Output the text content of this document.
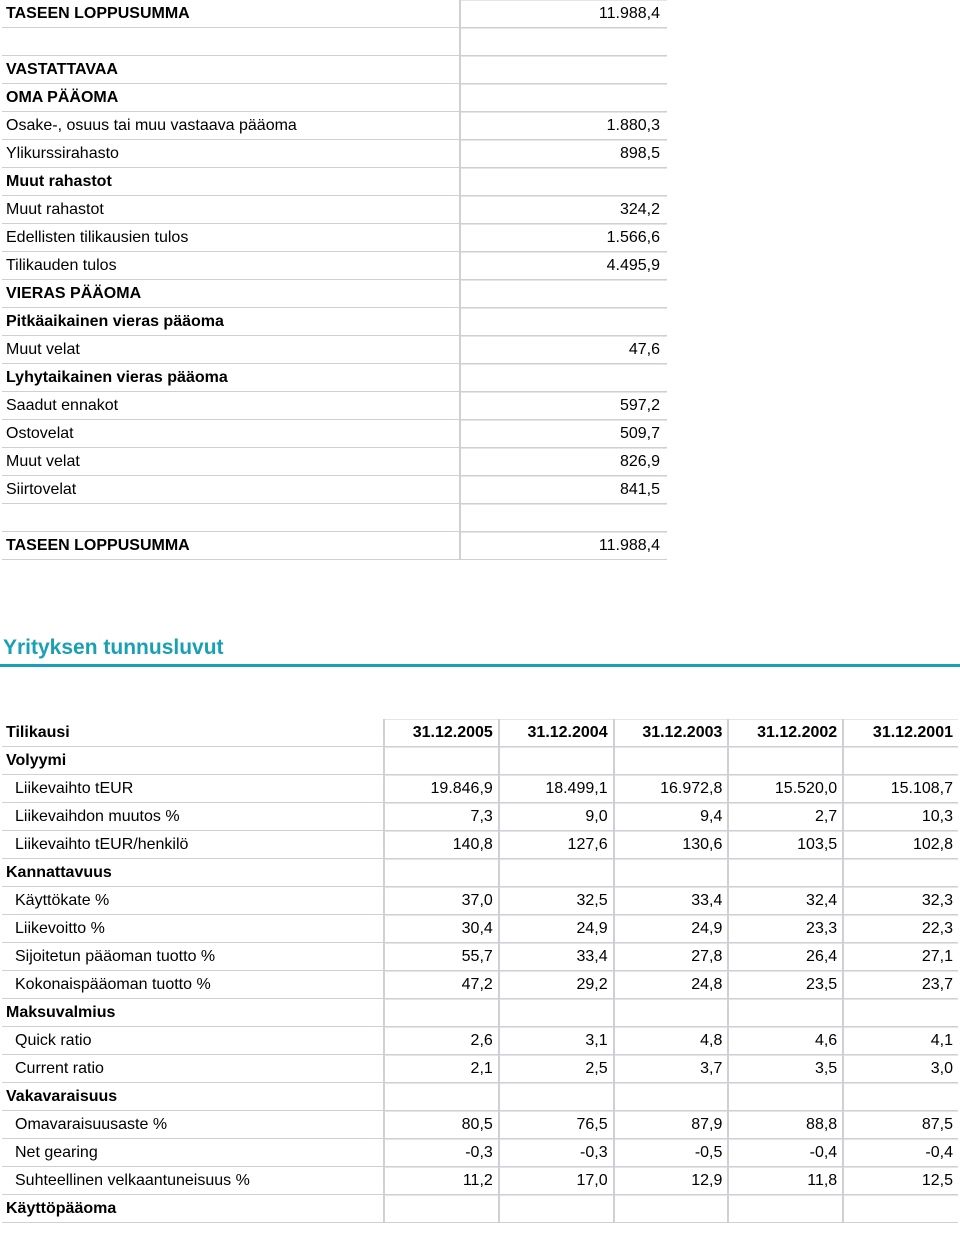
TASEEN LOPPUSUMMA	11.988,4

VASTATTAVAA	
OMA PÄÄOMA	
Osake-, osuus tai muu vastaava pääoma	1.880,3
Ylikurssirahasto	898,5
Muut rahastot	
Muut rahastot	324,2
Edellisten tilikausien tulos	1.566,6
Tilikauden tulos	4.495,9
VIERAS PÄÄOMA	
Pitkäaikainen vieras pääoma	
Muut velat	47,6
Lyhytaikainen vieras pääoma	
Saadut ennakot	597,2
Ostovelat	509,7
Muut velat	826,9
Siirtovelat	841,5

TASEEN LOPPUSUMMA	11.988,4
Yrityksen tunnusluvut
Tilikausi	31.12.2005	31.12.2004	31.12.2003	31.12.2002	31.12.2001
Volyymi					
Liikevaihto tEUR	19.846,9	18.499,1	16.972,8	15.520,0	15.108,7
Liikevaihdon muutos %	7,3	9,0	9,4	2,7	10,3
Liikevaihto tEUR/henkilö	140,8	127,6	130,6	103,5	102,8
Kannattavuus					
Käyttökate %	37,0	32,5	33,4	32,4	32,3
Liikevoitto %	30,4	24,9	24,9	23,3	22,3
Sijoitetun pääoman tuotto %	55,7	33,4	27,8	26,4	27,1
Kokonaispääoman tuotto %	47,2	29,2	24,8	23,5	23,7
Maksuvalmius					
Quick ratio	2,6	3,1	4,8	4,6	4,1
Current ratio	2,1	2,5	3,7	3,5	3,0
Vakavaraisuus					
Omavaraisuusaste %	80,5	76,5	87,9	88,8	87,5
Net gearing	-0,3	-0,3	-0,5	-0,4	-0,4
Suhteellinen velkaantuneisuus %	11,2	17,0	12,9	11,8	12,5
Käyttöpääoma					
